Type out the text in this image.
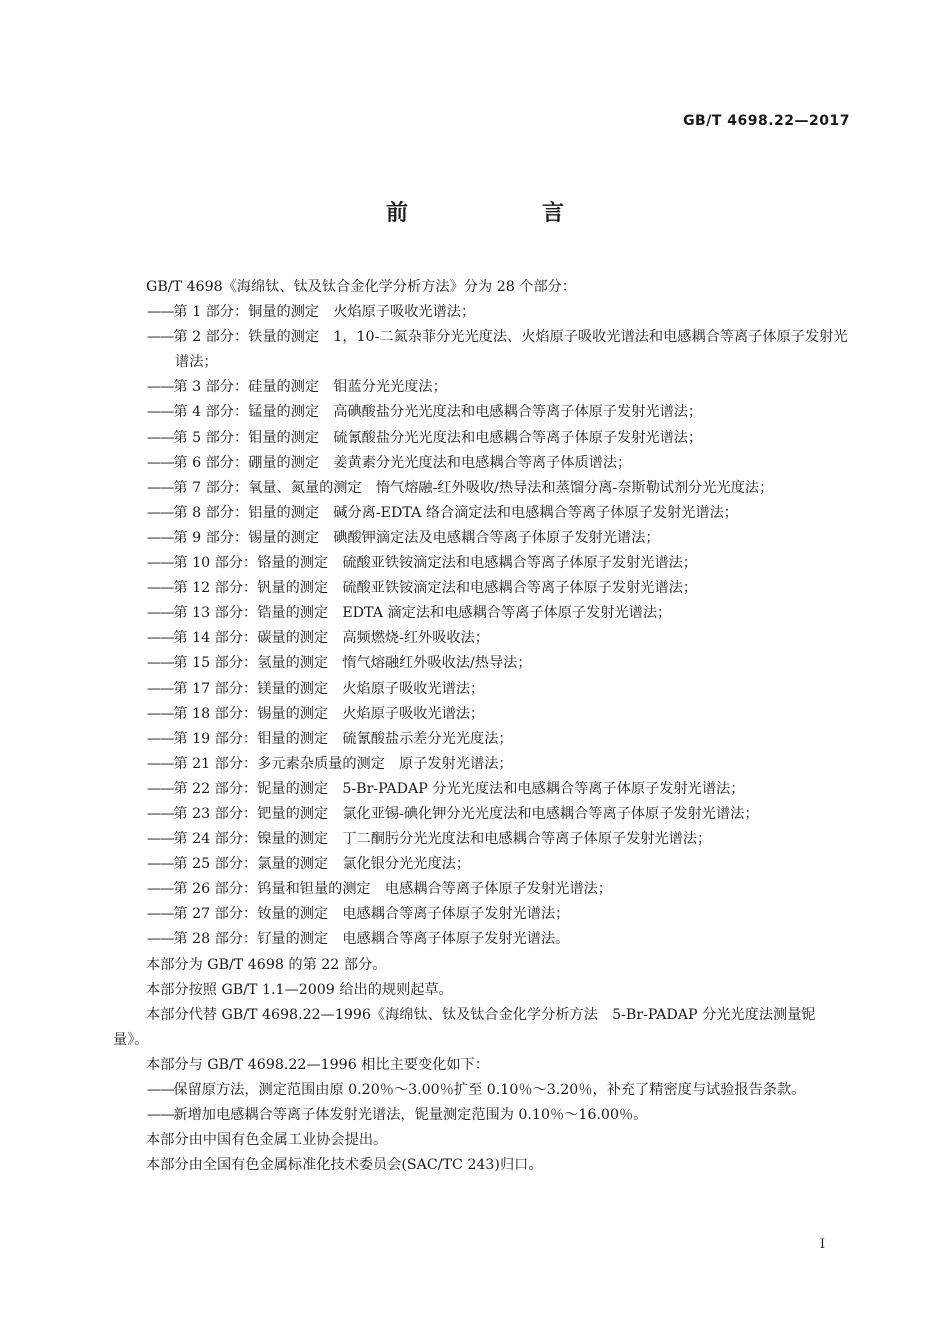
GB/T 4698.22—2017
前　言

GB/T 4698《海绵钛、钛及钛合金化学分析方法》分为 28 个部分：

——第 1 部分：铜量的测定　火焰原子吸收光谱法；

——第 2 部分：铁量的测定　1，10-二氮杂菲分光光度法、火焰原子吸收光谱法和电感耦合等离子体原子发射光谱法；

——第 3 部分：硅量的测定　钼蓝分光光度法；

——第 4 部分：锰量的测定　高碘酸盐分光光度法和电感耦合等离子体原子发射光谱法；

——第 5 部分：钼量的测定　硫氰酸盐分光光度法和电感耦合等离子体原子发射光谱法；

——第 6 部分：硼量的测定　姜黄素分光光度法和电感耦合等离子体质谱法；

——第 7 部分：氧量、氮量的测定　惰气熔融-红外吸收/热导法和蒸馏分离-奈斯勒试剂分光光度法；

——第 8 部分：铝量的测定　碱分离-EDTA 络合滴定法和电感耦合等离子体原子发射光谱法；

——第 9 部分：锡量的测定　碘酸钾滴定法及电感耦合等离子体原子发射光谱法；

——第 10 部分：铬量的测定　硫酸亚铁铵滴定法和电感耦合等离子体原子发射光谱法；

——第 12 部分：钒量的测定　硫酸亚铁铵滴定法和电感耦合等离子体原子发射光谱法；

——第 13 部分：锆量的测定　EDTA 滴定法和电感耦合等离子体原子发射光谱法；

——第 14 部分：碳量的测定　高频燃烧-红外吸收法；

——第 15 部分：氢量的测定　惰气熔融红外吸收法/热导法；

——第 17 部分：镁量的测定　火焰原子吸收光谱法；

——第 18 部分：锡量的测定　火焰原子吸收光谱法；

——第 19 部分：钼量的测定　硫氰酸盐示差分光光度法；

——第 21 部分：多元素杂质量的测定　原子发射光谱法；

——第 22 部分：铌量的测定　5-Br-PADAP 分光光度法和电感耦合等离子体原子发射光谱法；

——第 23 部分：钯量的测定　氯化亚锡-碘化钾分光光度法和电感耦合等离子体原子发射光谱法；

——第 24 部分：镍量的测定　丁二酮肟分光光度法和电感耦合等离子体原子发射光谱法；

——第 25 部分：氯量的测定　氯化银分光光度法；

——第 26 部分：钨量和钽量的测定　电感耦合等离子体原子发射光谱法；

——第 27 部分：钕量的测定　电感耦合等离子体原子发射光谱法；

——第 28 部分：钌量的测定　电感耦合等离子体原子发射光谱法。

本部分为 GB/T 4698 的第 22 部分。

本部分按照 GB/T 1.1—2009 给出的规则起草。

本部分代替 GB/T 4698.22—1996《海绵钛、钛及钛合金化学分析方法　5-Br-PADAP 分光光度法测量铌量》。

本部分与 GB/T 4698.22—1996 相比主要变化如下：

——保留原方法，测定范围由原 0.20％～3.00％扩至 0.10％～3.20％，补充了精密度与试验报告条款。

——新增加电感耦合等离子体发射光谱法，铌量测定范围为 0.10％～16.00％。

本部分由中国有色金属工业协会提出。

本部分由全国有色金属标准化技术委员会(SAC/TC 243)归口。

I
